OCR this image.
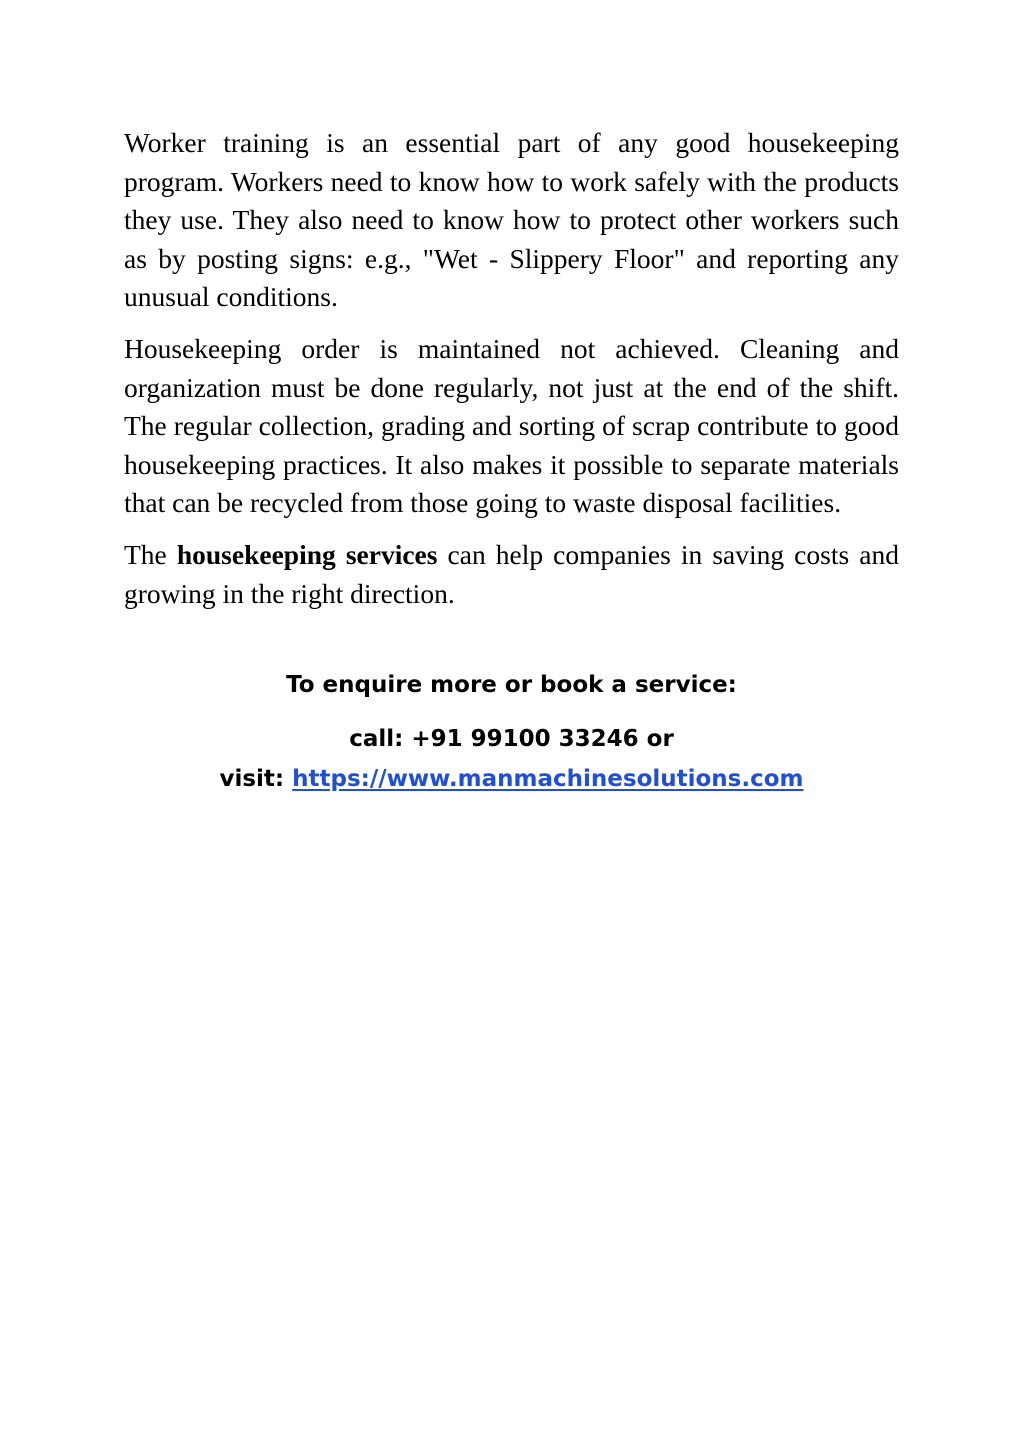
Worker training is an essential part of any good housekeeping program. Workers need to know how to work safely with the products they use. They also need to know how to protect other workers such as by posting signs: e.g., "Wet - Slippery Floor" and reporting any unusual conditions.

Housekeeping order is maintained not achieved. Cleaning and organization must be done regularly, not just at the end of the shift. The regular collection, grading and sorting of scrap contribute to good housekeeping practices. It also makes it possible to separate materials that can be recycled from those going to waste disposal facilities.

The housekeeping services can help companies in saving costs and growing in the right direction.

To enquire more or book a service:

call: +91 99100 33246 or

visit: https://www.manmachinesolutions.com
